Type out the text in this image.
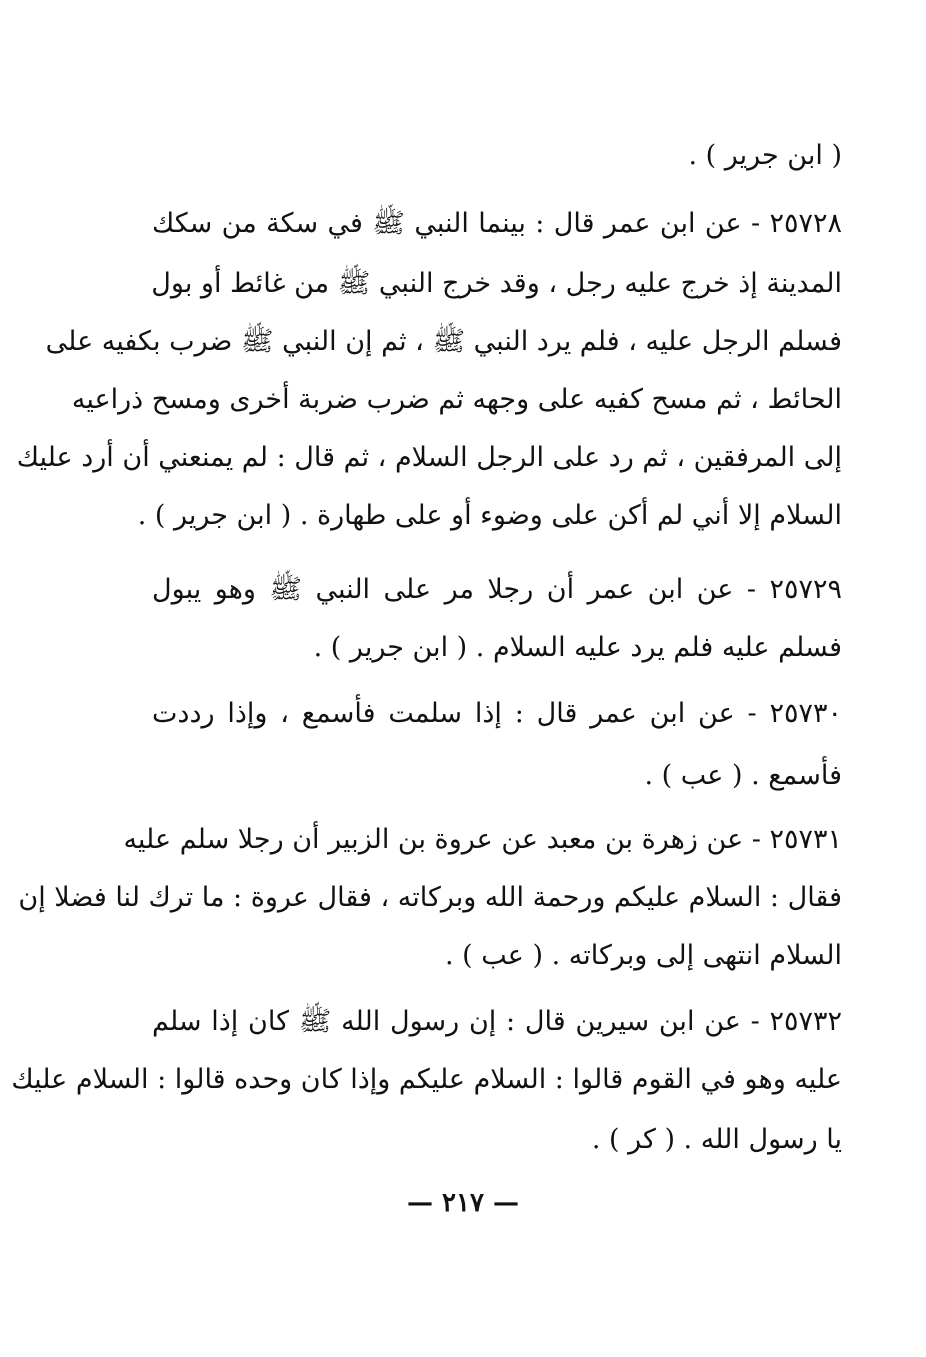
( ابن جرير ) .
٢٥٧٢٨ - عن ابن عمر قال : بينما النبي ﷺ في سكة من سكك
المدينة إذ خرج عليه رجل ، وقد خرج النبي ﷺ من غائط أو بول
فسلم الرجل عليه ، فلم يرد النبي ﷺ ، ثم إن النبي ﷺ ضرب بكفيه على
الحائط ، ثم مسح كفيه على وجهه ثم ضرب ضربة أخرى ومسح ذراعيه
إلى المرفقين ، ثم رد على الرجل السلام ، ثم قال : لم يمنعني أن أرد عليك
السلام إلا أني لم أكن على وضوء أو على طهارة . ( ابن جرير ) .
٢٥٧٢٩ - عن ابن عمر أن رجلا مر على النبي ﷺ وهو يبول
فسلم عليه فلم يرد عليه السلام . ( ابن جرير ) .
٢٥٧٣٠ - عن ابن عمر قال : إذا سلمت فأسمع ، وإذا رددت
فأسمع . ( عب ) .
٢٥٧٣١ - عن زهرة بن معبد عن عروة بن الزبير أن رجلا سلم عليه
فقال : السلام عليكم ورحمة الله وبركاته ، فقال عروة : ما ترك لنا فضلا إن
السلام انتهى إلى وبركاته . ( عب ) .
٢٥٧٣٢ - عن ابن سيرين قال : إن رسول الله ﷺ كان إذا سلم
عليه وهو في القوم قالوا : السلام عليكم وإذا كان وحده قالوا : السلام عليك
يا رسول الله . ( كر ) .
— ٢١٧ —
